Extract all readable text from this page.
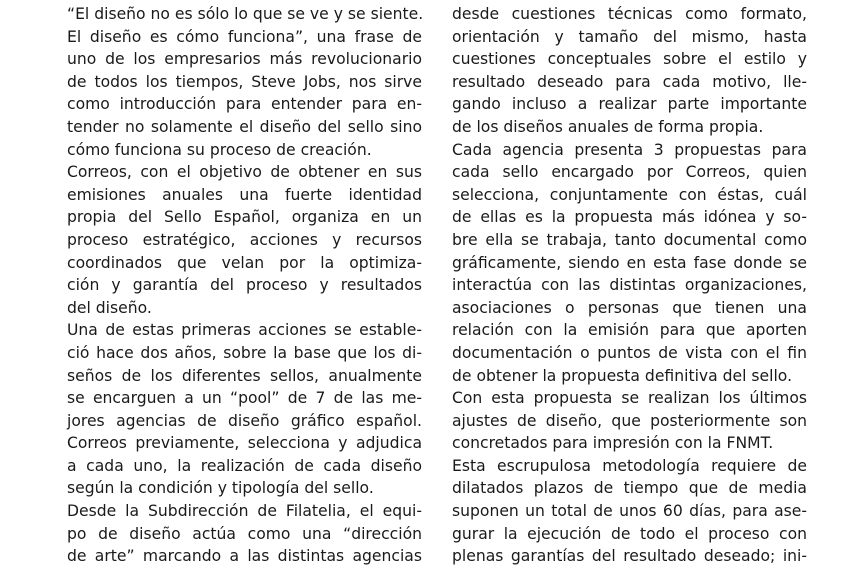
“El diseño no es sólo lo que se ve y se siente.
El diseño es cómo funciona”, una frase de
uno de los empresarios más revolucionario
de todos los tiempos, Steve Jobs, nos sirve
como introducción para entender para en-
tender no solamente el diseño del sello sino
cómo funciona su proceso de creación.
Correos, con el objetivo de obtener en sus
emisiones anuales una fuerte identidad
propia del Sello Español, organiza en un
proceso estratégico, acciones y recursos
coordinados que velan por la optimiza-
ción y garantía del proceso y resultados
del diseño.
Una de estas primeras acciones se estable-
ció hace dos años, sobre la base que los di-
seños de los diferentes sellos, anualmente
se encarguen a un “pool” de 7 de las me-
jores agencias de diseño gráfico español.
Correos previamente, selecciona y adjudica
a cada uno, la realización de cada diseño
según la condición y tipología del sello.
Desde la Subdirección de Filatelia, el equi-
po de diseño actúa como una “dirección
de arte” marcando a las distintas agencias
desde cuestiones técnicas como formato,
orientación y tamaño del mismo, hasta
cuestiones conceptuales sobre el estilo y
resultado deseado para cada motivo, lle-
gando incluso a realizar parte importante
de los diseños anuales de forma propia.
Cada agencia presenta 3 propuestas para
cada sello encargado por Correos, quien
selecciona, conjuntamente con éstas, cuál
de ellas es la propuesta más idónea y so-
bre ella se trabaja, tanto documental como
gráficamente, siendo en esta fase donde se
interactúa con las distintas organizaciones,
asociaciones o personas que tienen una
relación con la emisión para que aporten
documentación o puntos de vista con el fin
de obtener la propuesta definitiva del sello.
Con esta propuesta se realizan los últimos
ajustes de diseño, que posteriormente son
concretados para impresión con la FNMT.
Esta escrupulosa metodología requiere de
dilatados plazos de tiempo que de media
suponen un total de unos 60 días, para ase-
gurar la ejecución de todo el proceso con
plenas garantías del resultado deseado; ini-
